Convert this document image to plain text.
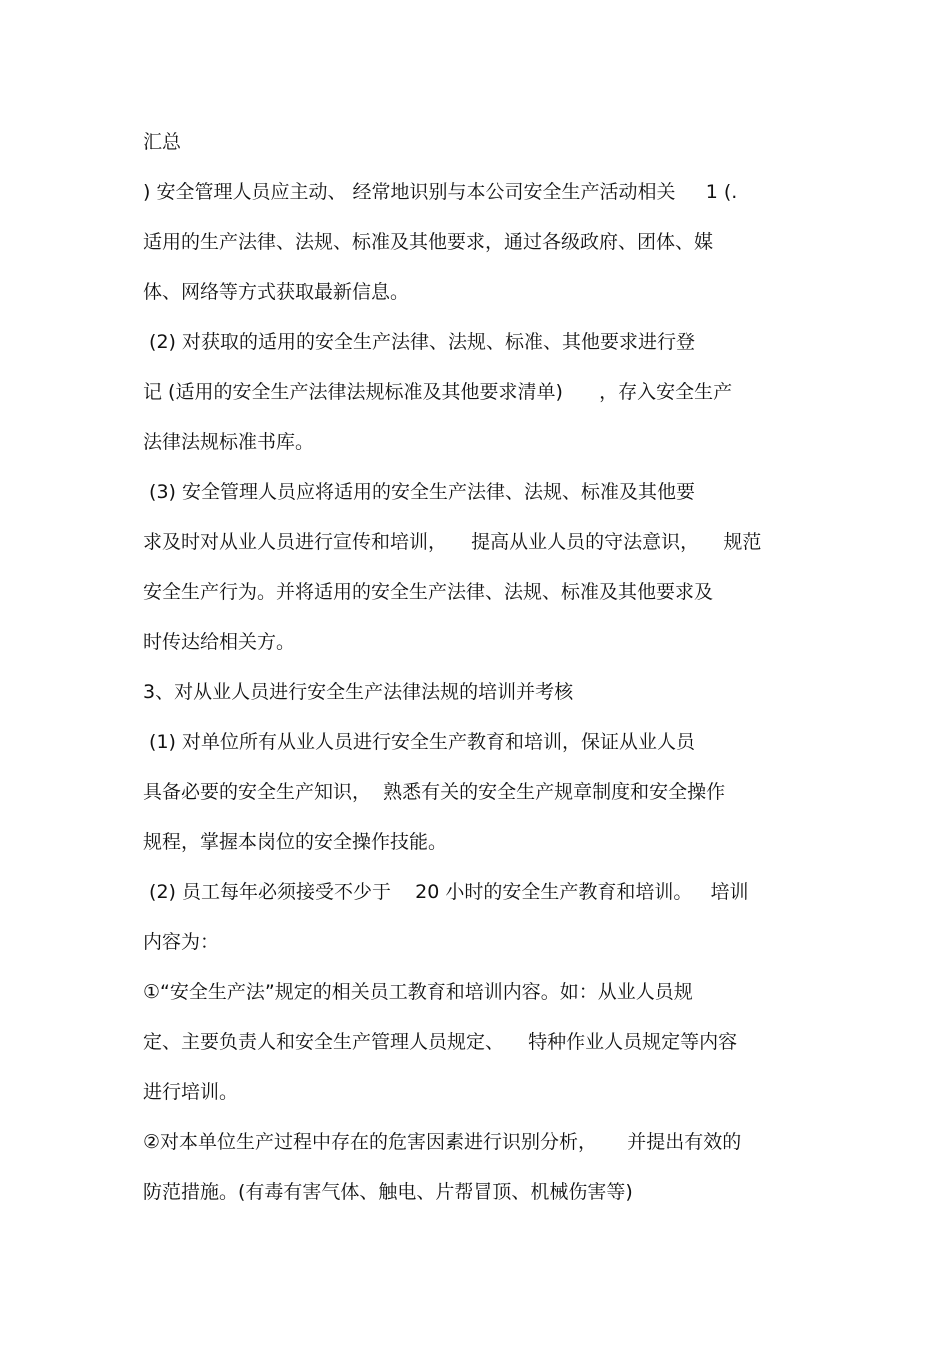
汇总

) 安全管理人员应主动、 经常地识别与本公司安全生产活动相关     1 (.

适用的生产法律、法规、标准及其他要求，通过各级政府、团体、媒

体、网络等方式获取最新信息。

(2) 对获取的适用的安全生产法律、法规、标准、其他要求进行登

记 (适用的安全生产法律法规标准及其他要求清单)      ，存入安全生产

法律法规标准书库。

(3) 安全管理人员应将适用的安全生产法律、法规、标准及其他要

求及时对从业人员进行宣传和培训，    提高从业人员的守法意识，    规范

安全生产行为。并将适用的安全生产法律、法规、标准及其他要求及

时传达给相关方。

3、对从业人员进行安全生产法律法规的培训并考核

(1) 对单位所有从业人员进行安全生产教育和培训，保证从业人员

具备必要的安全生产知识，  熟悉有关的安全生产规章制度和安全操作

规程，掌握本岗位的安全操作技能。

(2) 员工每年必须接受不少于    20 小时的安全生产教育和培训。   培训

内容为：

①“安全生产法”规定的相关员工教育和培训内容。如：从业人员规

定、主要负责人和安全生产管理人员规定、    特种作业人员规定等内容

进行培训。

②对本单位生产过程中存在的危害因素进行识别分析，     并提出有效的

防范措施。(有毒有害气体、触电、片帮冒顶、机械伤害等)
